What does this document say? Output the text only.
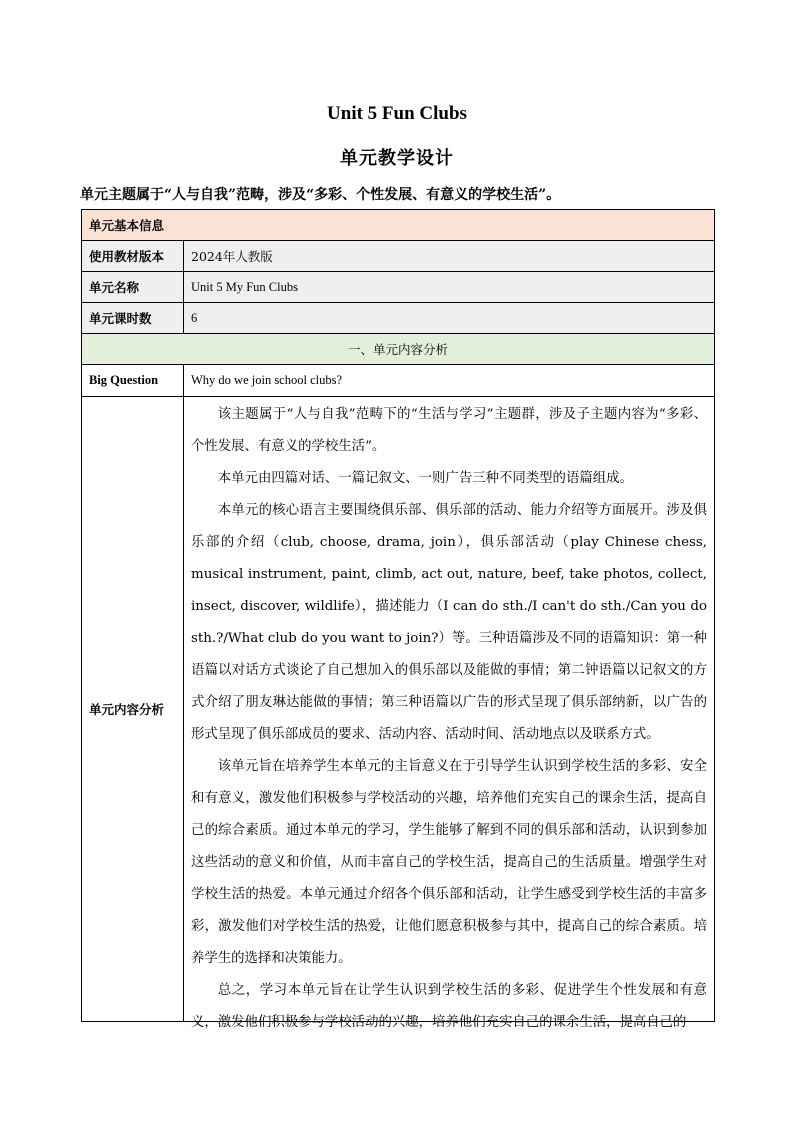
Unit 5 Fun Clubs
单元教学设计
单元主题属于“人与自我”范畴，涉及“多彩、个性发展、有意义的学校生活”。
单元基本信息	
使用教材版本	2024年人教版
单元名称	Unit 5 My Fun Clubs
单元课时数	6
一、单元内容分析	
Big Question	Why do we join school clubs?
单元内容分析	该主题属于“人与自我”范畴下的“生活与学习”主题群，涉及子主题内容为“多彩、个性发展、有意义的学校生活”。

本单元由四篇对话、一篇记叙文、一则广告三种不同类型的语篇组成。

本单元的核心语言主要围绕俱乐部、俱乐部的活动、能力介绍等方面展开。涉及俱乐部的介绍（club, choose, drama, join），俱乐部活动（play Chinese chess, musical instrument, paint, climb, act out, nature, beef, take photos, collect, insect, discover, wildlife），描述能力（I can do sth./I can't do sth./Can you do sth.?/What club do you want to join?）等。三种语篇涉及不同的语篇知识：第一种语篇以对话方式谈论了自己想加入的俱乐部以及能做的事情；第二钟语篇以记叙文的方式介绍了朋友琳达能做的事情；第三种语篇以广告的形式呈现了俱乐部纳新，以广告的形式呈现了俱乐部成员的要求、活动内容、活动时间、活动地点以及联系方式。

该单元旨在培养学生本单元的主旨意义在于引导学生认识到学校生活的多彩、安全和有意义，激发他们积极参与学校活动的兴趣，培养他们充实自己的课余生活，提高自己的综合素质。通过本单元的学习，学生能够了解到不同的俱乐部和活动，认识到参加这些活动的意义和价值，从而丰富自己的学校生活，提高自己的生活质量。增强学生对学校生活的热爱。本单元通过介绍各个俱乐部和活动，让学生感受到学校生活的丰富多彩，激发他们对学校生活的热爱，让他们愿意积极参与其中，提高自己的综合素质。培养学生的选择和决策能力。

总之，学习本单元旨在让学生认识到学校生活的多彩、促进学生个性发展和有意义，激发他们积极参与学校活动的兴趣，培养他们充实自己的课余生活，提高自己的
